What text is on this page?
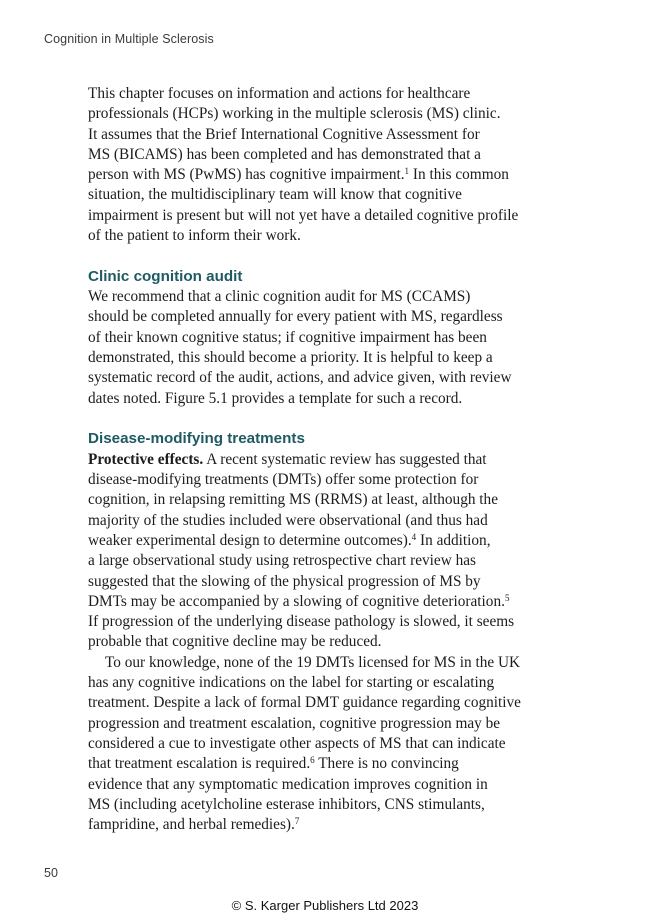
Cognition in Multiple Sclerosis

This chapter focuses on information and actions for healthcare
professionals (HCPs) working in the multiple sclerosis (MS) clinic.
It assumes that the Brief International Cognitive Assessment for
MS (BICAMS) has been completed and has demonstrated that a
person with MS (PwMS) has cognitive impairment.$^1$ In this common
situation, the multidisciplinary team will know that cognitive
impairment is present but will not yet have a detailed cognitive profile
of the patient to inform their work.

Clinic cognition audit

We recommend that a clinic cognition audit for MS (CCAMS)
should be completed annually for every patient with MS, regardless
of their known cognitive status; if cognitive impairment has been
demonstrated, this should become a priority. It is helpful to keep a
systematic record of the audit, actions, and advice given, with review
dates noted. Figure 5.1 provides a template for such a record.

Disease-modifying treatments

Protective effects. A recent systematic review has suggested that
disease-modifying treatments (DMTs) offer some protection for
cognition, in relapsing remitting MS (RRMS) at least, although the
majority of the studies included were observational (and thus had
weaker experimental design to determine outcomes).$^4$ In addition,
a large observational study using retrospective chart review has
suggested that the slowing of the physical progression of MS by
DMTs may be accompanied by a slowing of cognitive deterioration.$^5$
If progression of the underlying disease pathology is slowed, it seems
probable that cognitive decline may be reduced.

To our knowledge, none of the 19 DMTs licensed for MS in the UK
has any cognitive indications on the label for starting or escalating
treatment. Despite a lack of formal DMT guidance regarding cognitive
progression and treatment escalation, cognitive progression may be
considered a cue to investigate other aspects of MS that can indicate
that treatment escalation is required.$^6$ There is no convincing
evidence that any symptomatic medication improves cognition in
MS (including acetylcholine esterase inhibitors, CNS stimulants,
fampridine, and herbal remedies).$^7$

50
© S. Karger Publishers Ltd 2023
